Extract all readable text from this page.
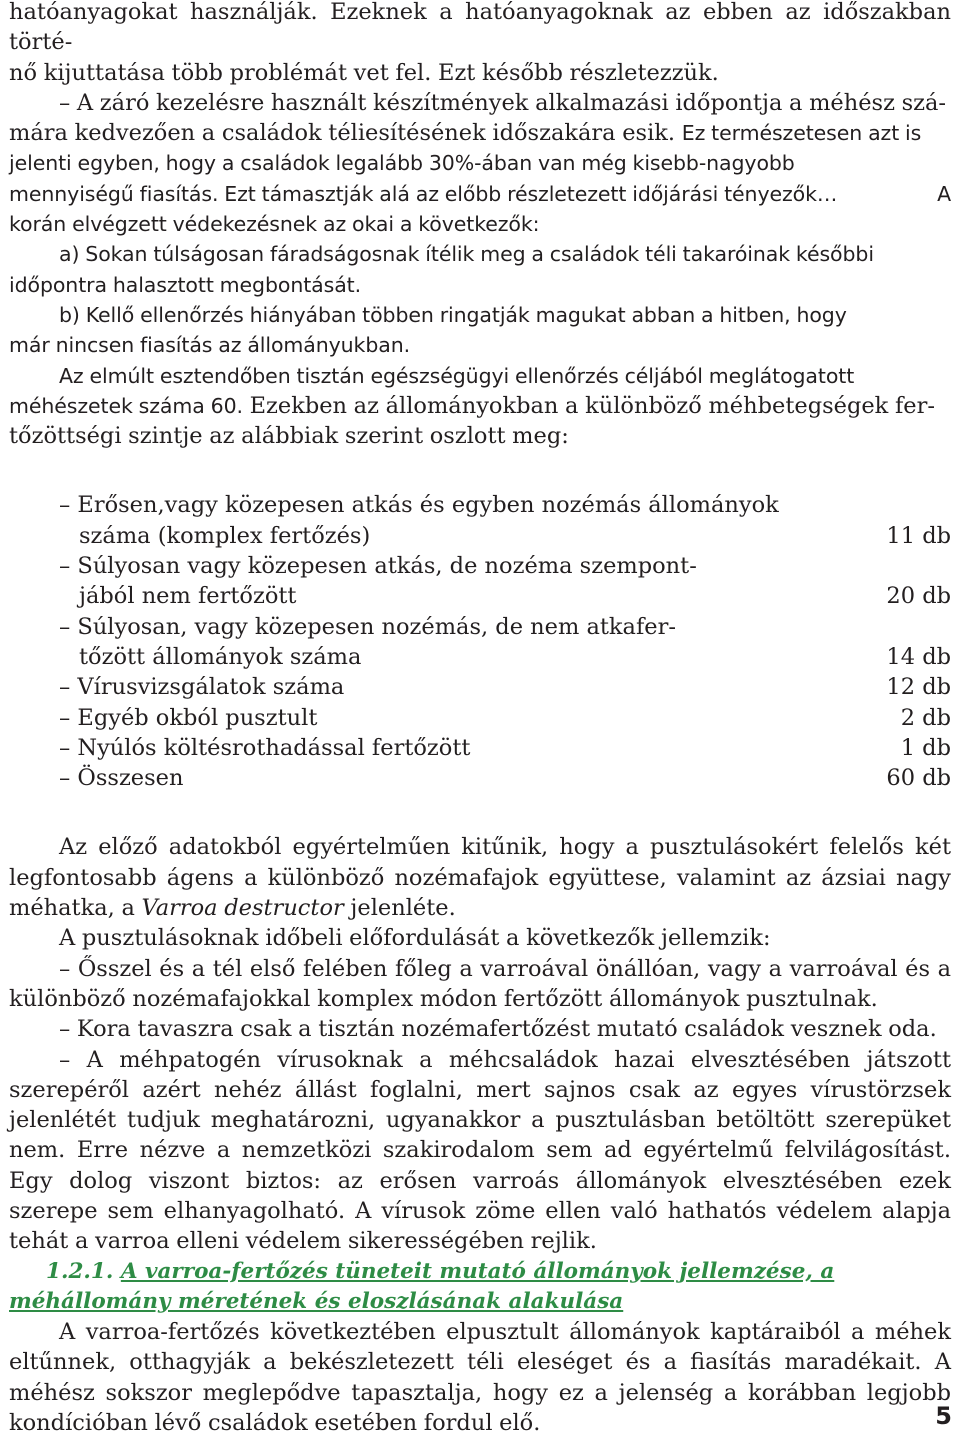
hatóanyagokat használják. Ezeknek a hatóanyagoknak az ebben az időszakban törté-

nő kijuttatása több problémát vet fel. Ezt később részletezzük.

– A záró kezelésre használt készítmények alkalmazási időpontja a méhész szá-

mára kedvezően a családok téliesítésének időszakára esik. Ez természetesen azt is

jelenti egyben, hogy a családok legalább 30%-ában van még kisebb-nagyobb

mennyiségű fiasítás. Ezt támasztják alá az előbb részletezett időjárási tényezők…	A

korán elvégzett védekezésnek az okai a következők:

a) Sokan túlságosan fáradságosnak ítélik meg a családok téli takaróinak későbbi

időpontra halasztott megbontását.

b) Kellő ellenőrzés hiányában többen ringatják magukat abban a hitben, hogy

már nincsen fiasítás az állományukban.

Az elmúlt esztendőben tisztán egészségügyi ellenőrzés céljából meglátogatott

méhészetek száma 60. Ezekben az állományokban a különböző méhbetegségek fer-

tőzöttségi szintje az alábbiak szerint oszlott meg:

– Erősen,vagy közepesen atkás és egyben nozémás állományok
száma (komplex fertőzés)	11 db
– Súlyosan vagy közepesen atkás, de nozéma szempont-
jából nem fertőzött	20 db
– Súlyosan, vagy közepesen nozémás, de nem atkafer-
tőzött állományok száma	14 db
– Vírusvizsgálatok száma	12 db
– Egyéb okból pusztult	2 db
– Nyúlós költésrothadással fertőzött	1 db
– Összesen	60 db

Az előző adatokból egyértelműen kitűnik, hogy a pusztulásokért felelős két legfontosabb ágens a különböző nozémafajok együttese, valamint az ázsiai nagy méhatka, a Varroa destructor jelenléte.

A pusztulásoknak időbeli előfordulását a következők jellemzik:

– Ősszel és a tél első felében főleg a varroával önállóan, vagy a varroával és a különböző nozémafajokkal komplex módon fertőzött állományok pusztulnak.

– Kora tavaszra csak a tisztán nozémafertőzést mutató családok vesznek oda.

– A méhpatogén vírusoknak a méhcsaládok hazai elvesztésében játszott szerepéről azért nehéz állást foglalni, mert sajnos csak az egyes vírustörzsek jelenlétét tudjuk meghatározni, ugyanakkor a pusztulásban betöltött szerepüket nem. Erre nézve a nemzetközi szakirodalom sem ad egyértelmű felvilágosítást. Egy dolog viszont biztos: az erősen varroás állományok elvesztésében ezek szerepe sem elhanyagolható. A vírusok zöme ellen való hathatós védelem alapja tehát a varroa elleni védelem sikerességében rejlik.

1.2.1. A varroa-fertőzés tüneteit mutató állományok jellemzése, a méhállomány méretének és eloszlásának alakulása

A varroa-fertőzés következtében elpusztult állományok kaptáraiból a méhek eltűnnek, otthagyják a bekészletezett téli eleséget és a fiasítás maradékait. A méhész sokszor meglepődve tapasztalja, hogy ez a jelenség a korábban legjobb kondícióban lévő családok esetében fordul elő.	5
